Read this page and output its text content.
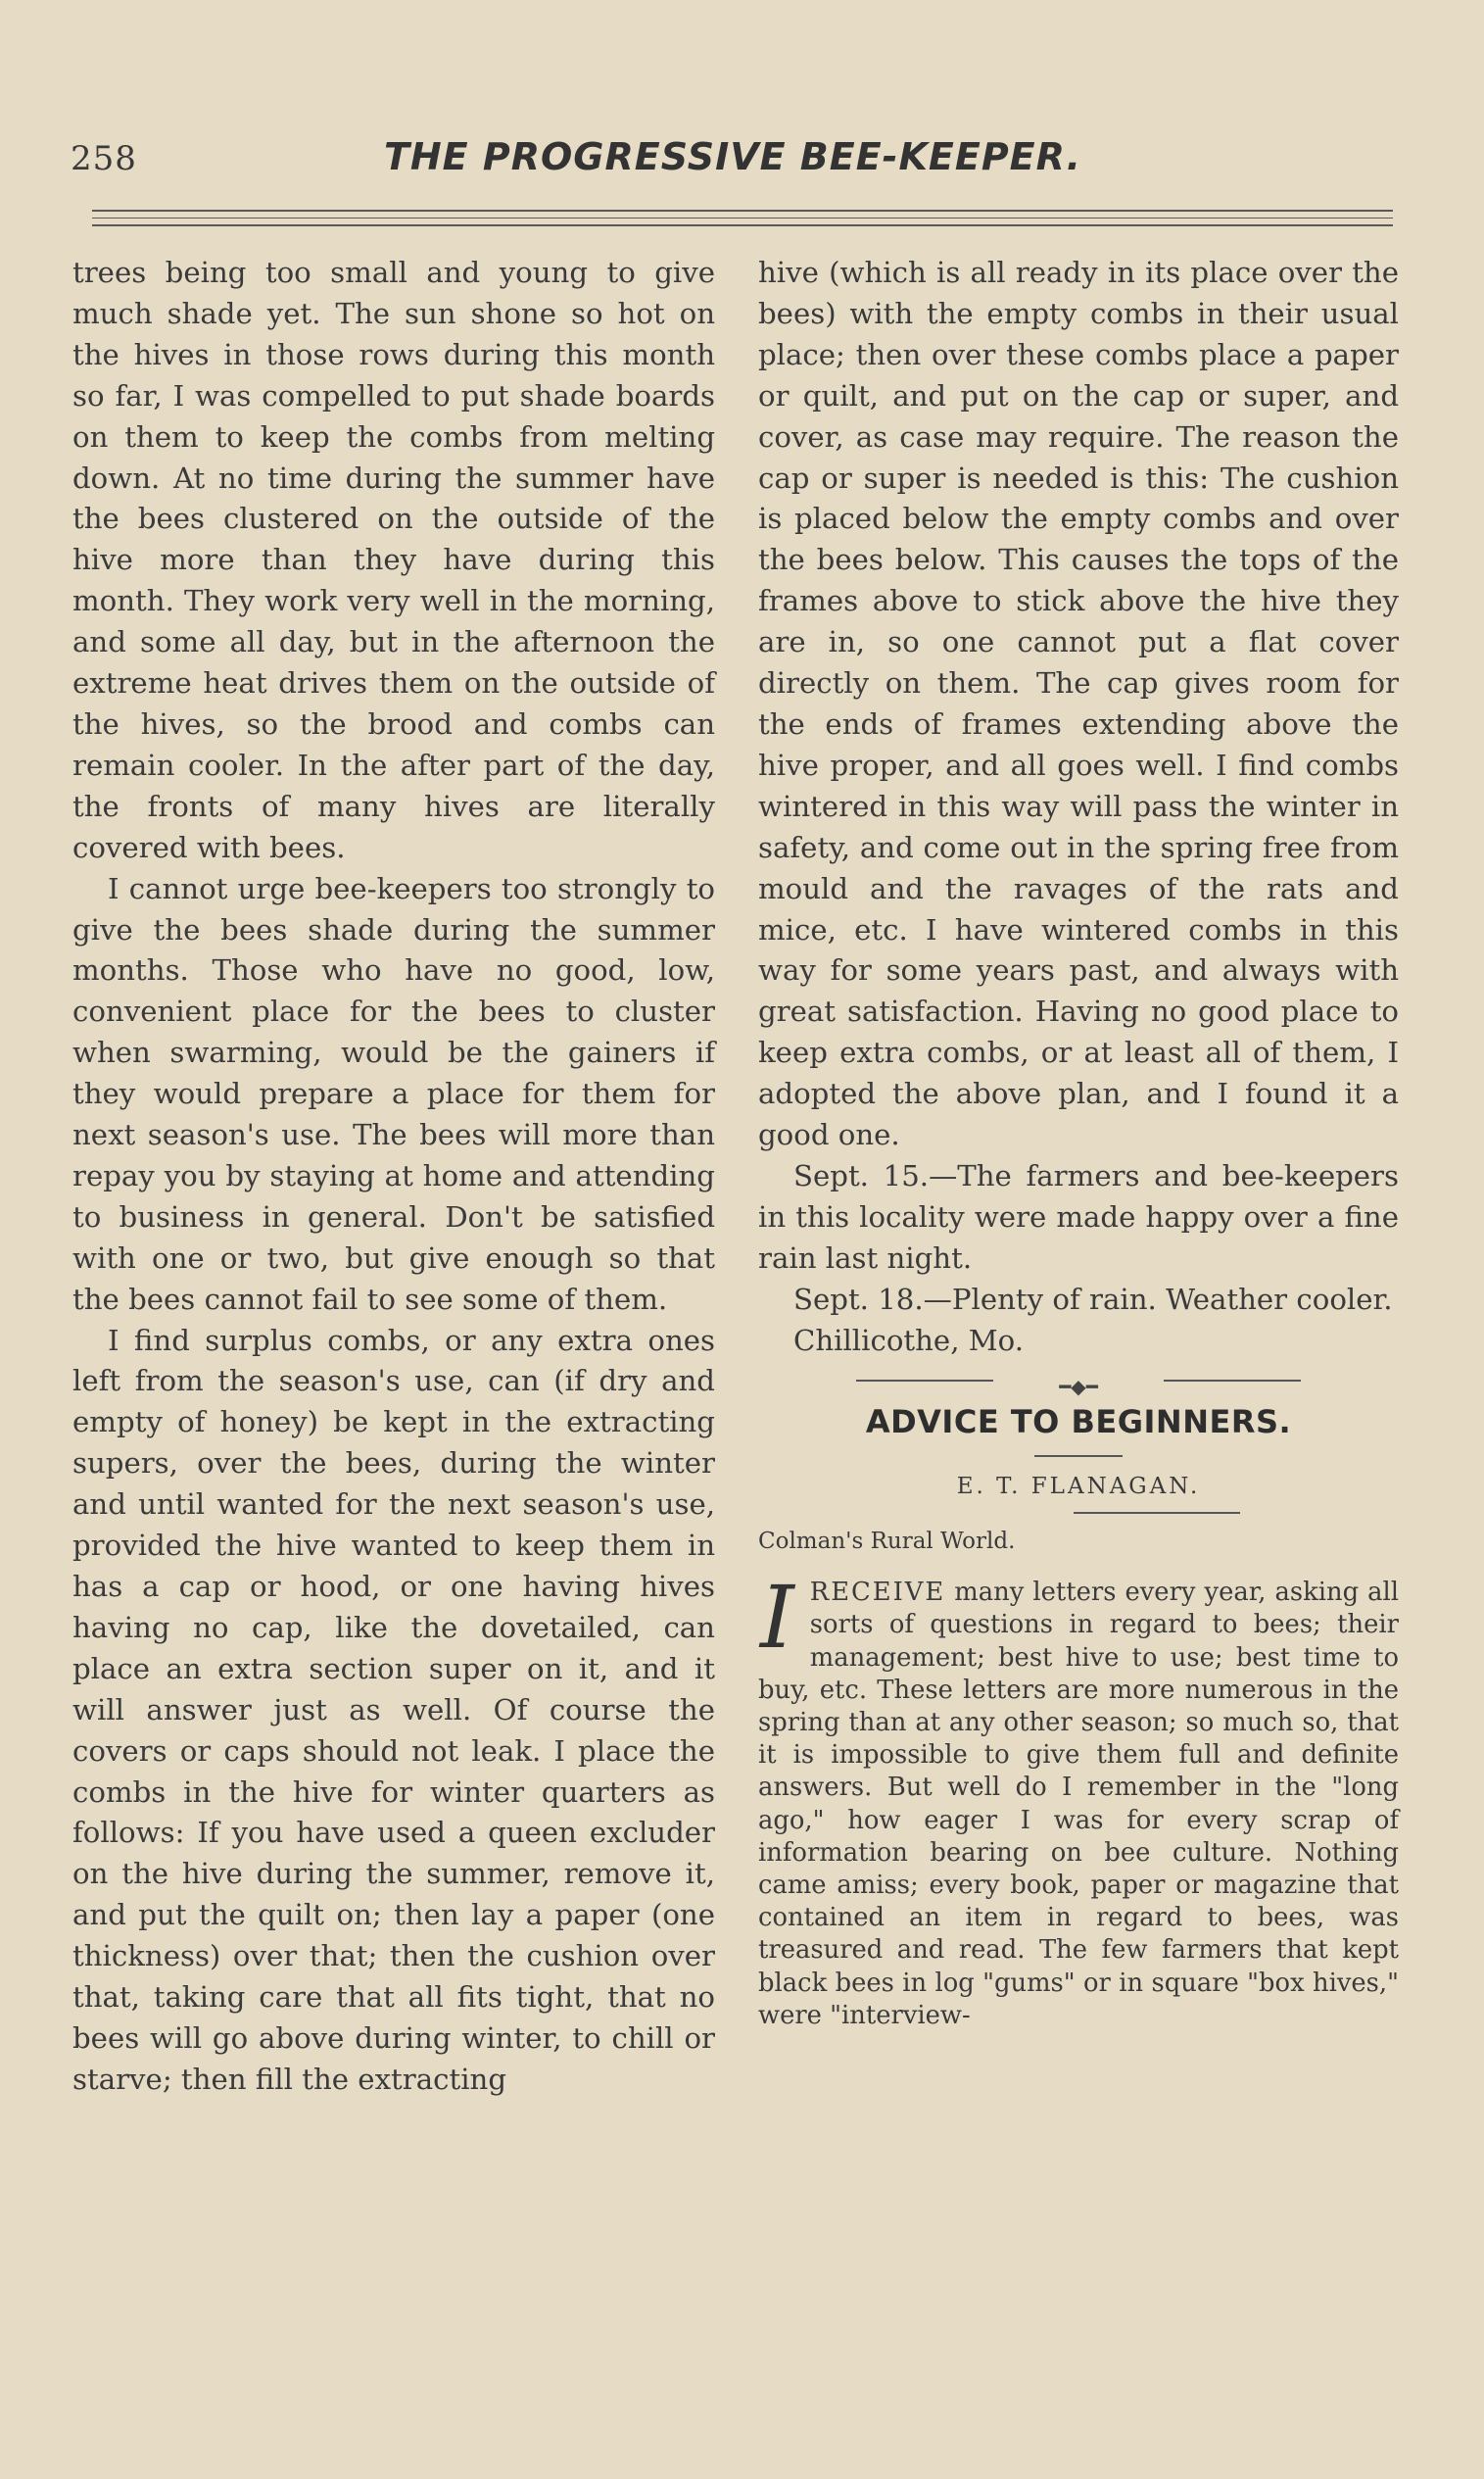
258	THE PROGRESSIVE BEE-KEEPER.

trees being too small and young to give much shade yet. The sun shone so hot on the hives in those rows during this month so far, I was compelled to put shade boards on them to keep the combs from melting down. At no time during the summer have the bees clustered on the outside of the hive more than they have during this month. They work very well in the morning, and some all day, but in the afternoon the extreme heat drives them on the outside of the hives, so the brood and combs can remain cooler. In the after part of the day, the fronts of many hives are literally covered with bees.

I cannot urge bee-keepers too strongly to give the bees shade during the summer months. Those who have no good, low, convenient place for the bees to cluster when swarming, would be the gainers if they would prepare a place for them for next season's use. The bees will more than repay you by staying at home and attending to business in general. Don't be satisfied with one or two, but give enough so that the bees cannot fail to see some of them.

I find surplus combs, or any extra ones left from the season's use, can (if dry and empty of honey) be kept in the extracting supers, over the bees, during the winter and until wanted for the next season's use, provided the hive wanted to keep them in has a cap or hood, or one having hives having no cap, like the dovetailed, can place an extra section super on it, and it will answer just as well. Of course the covers or caps should not leak. I place the combs in the hive for winter quarters as follows: If you have used a queen excluder on the hive during the summer, remove it, and put the quilt on; then lay a paper (one thickness) over that; then the cushion over that, taking care that all fits tight, that no bees will go above during winter, to chill or starve; then fill the extracting

hive (which is all ready in its place over the bees) with the empty combs in their usual place; then over these combs place a paper or quilt, and put on the cap or super, and cover, as case may require. The reason the cap or super is needed is this: The cushion is placed below the empty combs and over the bees below. This causes the tops of the frames above to stick above the hive they are in, so one cannot put a flat cover directly on them. The cap gives room for the ends of frames extending above the hive proper, and all goes well. I find combs wintered in this way will pass the winter in safety, and come out in the spring free from mould and the ravages of the rats and mice, etc. I have wintered combs in this way for some years past, and always with great satisfaction. Having no good place to keep extra combs, or at least all of them, I adopted the above plan, and I found it a good one.

Sept. 15.—The farmers and bee-keepers in this locality were made happy over a fine rain last night.

Sept. 18.—Plenty of rain. Weather cooler.

Chillicothe, Mo.

━◆━

ADVICE TO BEGINNERS.

E. T. FLANAGAN.

Colman's Rural World.

IRECEIVE many letters every year, asking all sorts of questions in regard to bees; their management; best hive to use; best time to buy, etc. These letters are more numerous in the spring than at any other season; so much so, that it is impossible to give them full and definite answers. But well do I remember in the "long ago," how eager I was for every scrap of information bearing on bee culture. Nothing came amiss; every book, paper or magazine that contained an item in regard to bees, was treasured and read. The few farmers that kept black bees in log "gums" or in square "box hives," were "interview-
